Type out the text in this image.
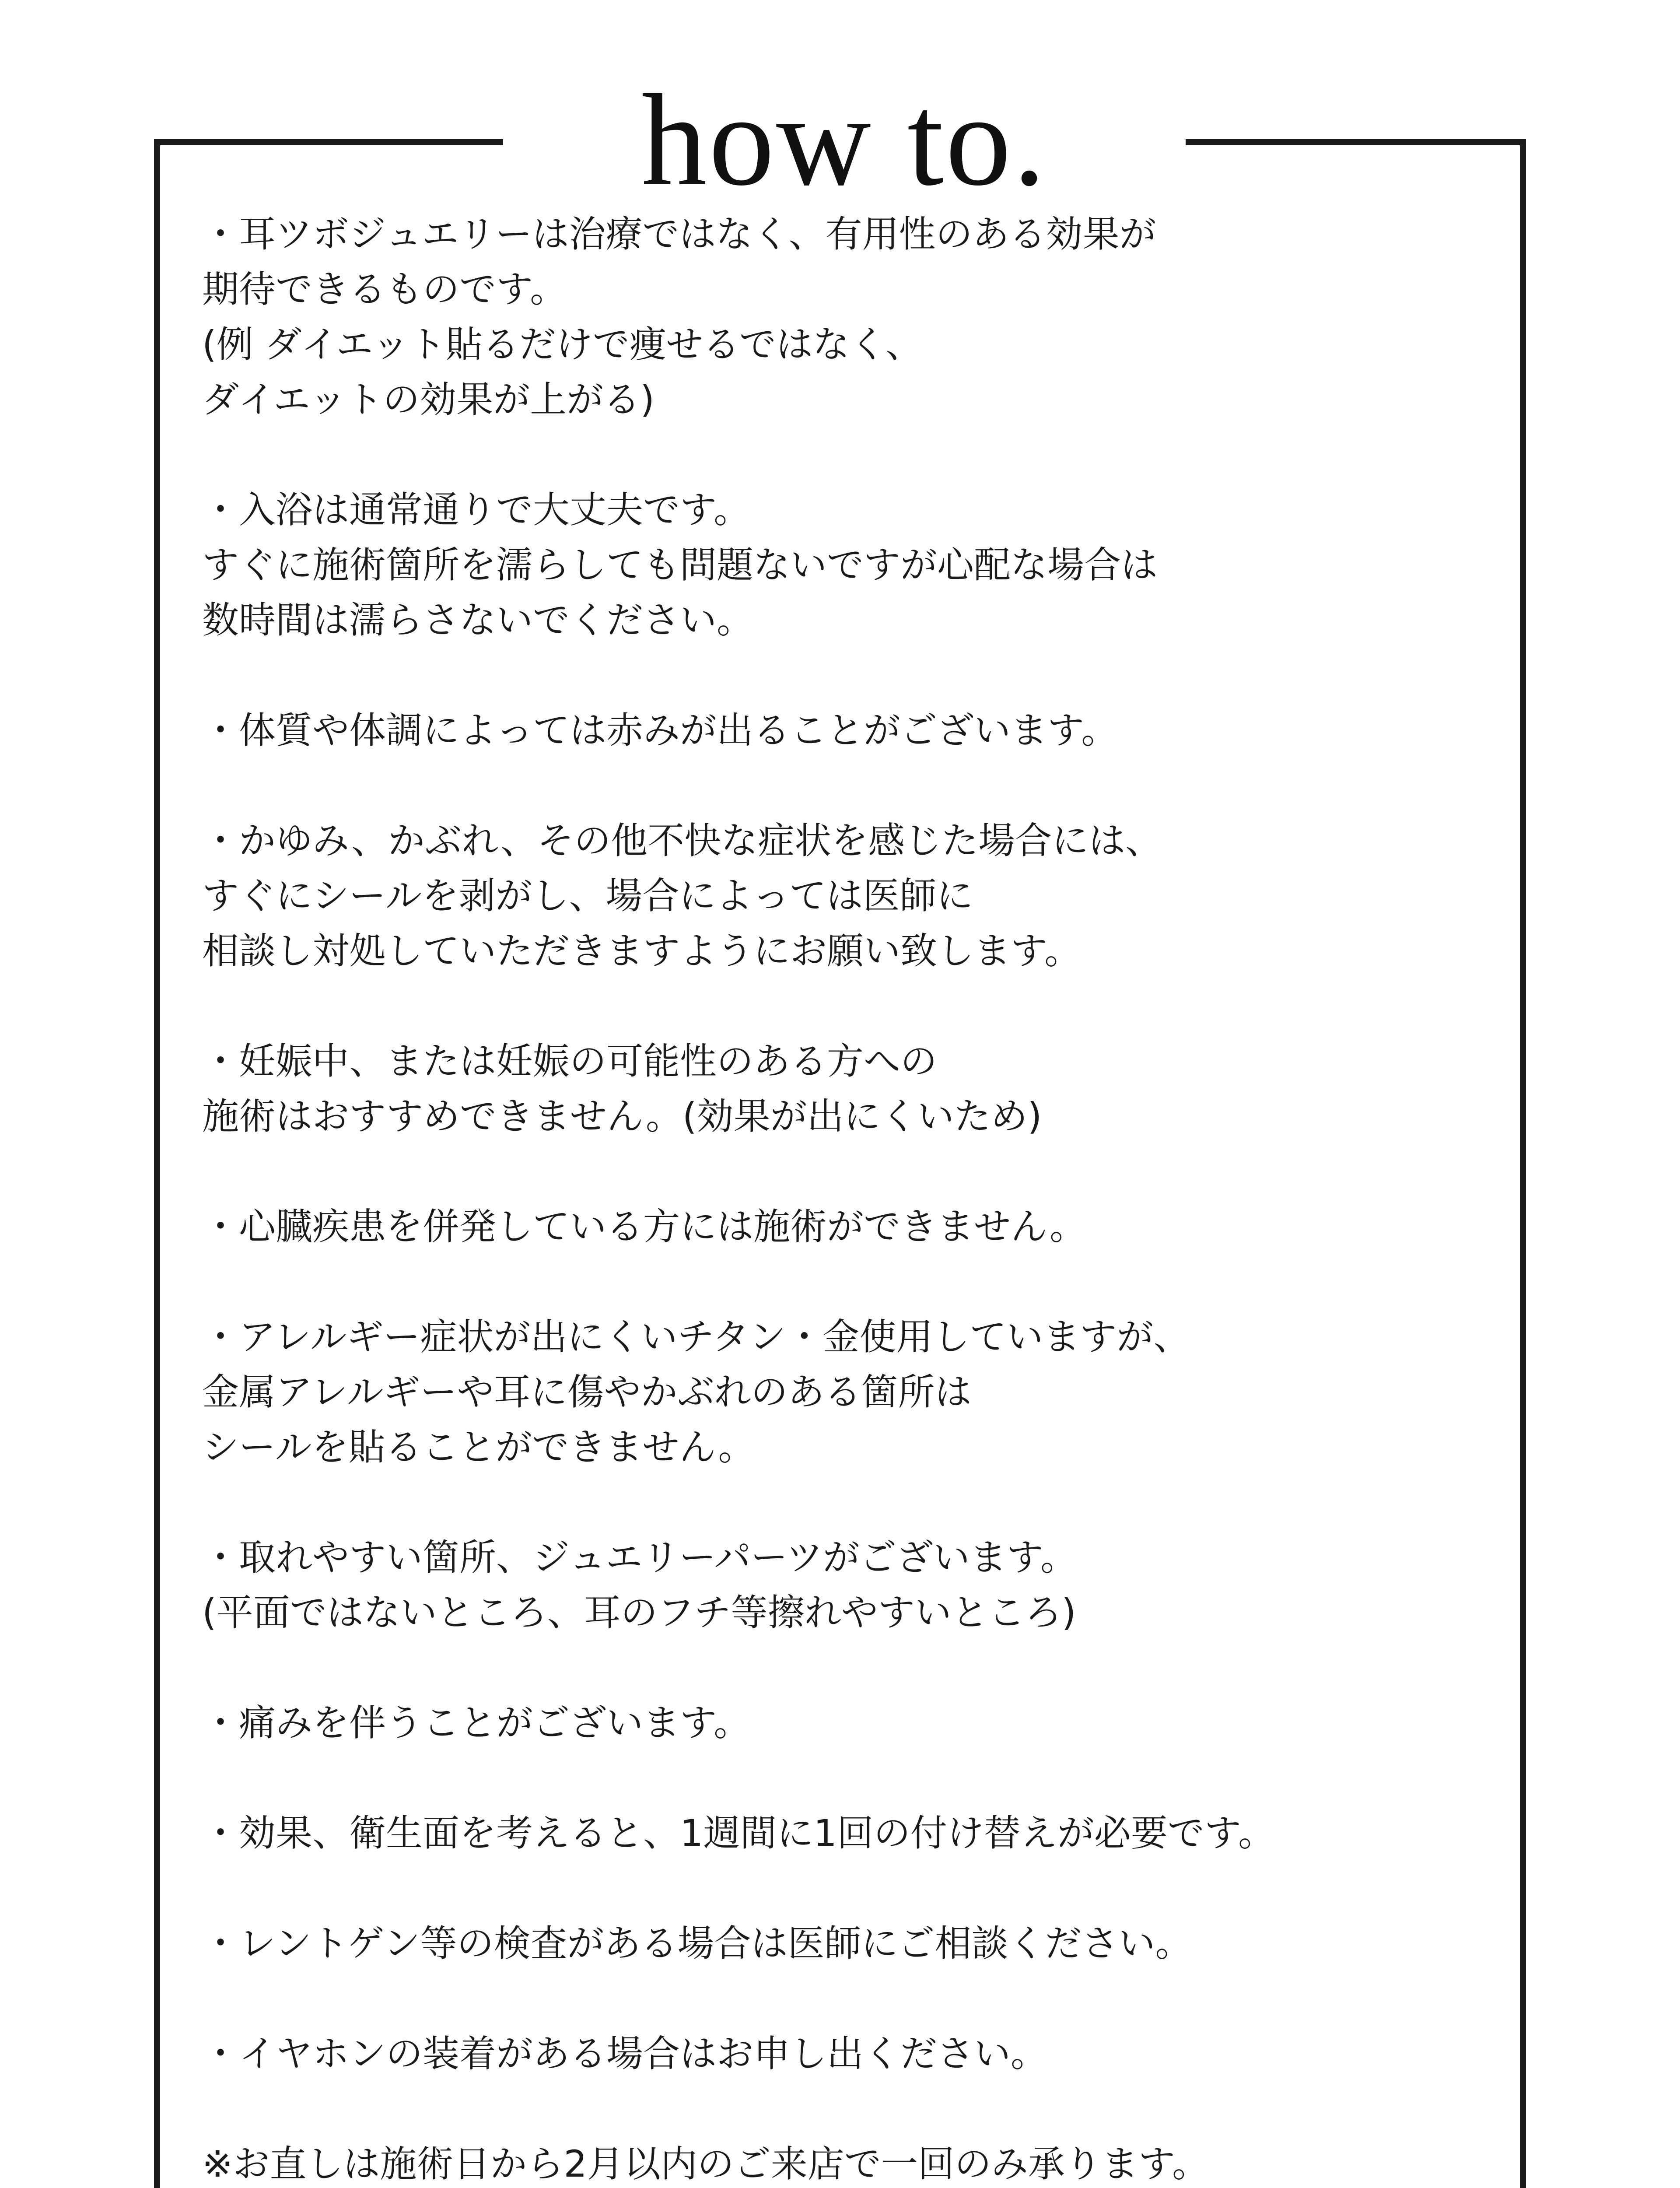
how to.
・耳ツボジュエリーは治療ではなく、有用性のある効果が
期待できるものです。
(例 ダイエット貼るだけで痩せるではなく、
ダイエットの効果が上がる)
・入浴は通常通りで大丈夫です。
すぐに施術箇所を濡らしても問題ないですが心配な場合は
数時間は濡らさないでください。
・体質や体調によっては赤みが出ることがございます。
・かゆみ、かぶれ、その他不快な症状を感じた場合には、
すぐにシールを剥がし、場合によっては医師に
相談し対処していただきますようにお願い致します。
・妊娠中、または妊娠の可能性のある方への
施術はおすすめできません。(効果が出にくいため)
・心臓疾患を併発している方には施術ができません。
・アレルギー症状が出にくいチタン・金使用していますが、
金属アレルギーや耳に傷やかぶれのある箇所は
シールを貼ることができません。
・取れやすい箇所、ジュエリーパーツがございます。
(平面ではないところ、耳のフチ等擦れやすいところ)
・痛みを伴うことがございます。
・効果、衛生面を考えると、1週間に1回の付け替えが必要です。
・レントゲン等の検査がある場合は医師にご相談ください。
・イヤホンの装着がある場合はお申し出ください。
※お直しは施術日から2月以内のご来店で一回のみ承ります。
